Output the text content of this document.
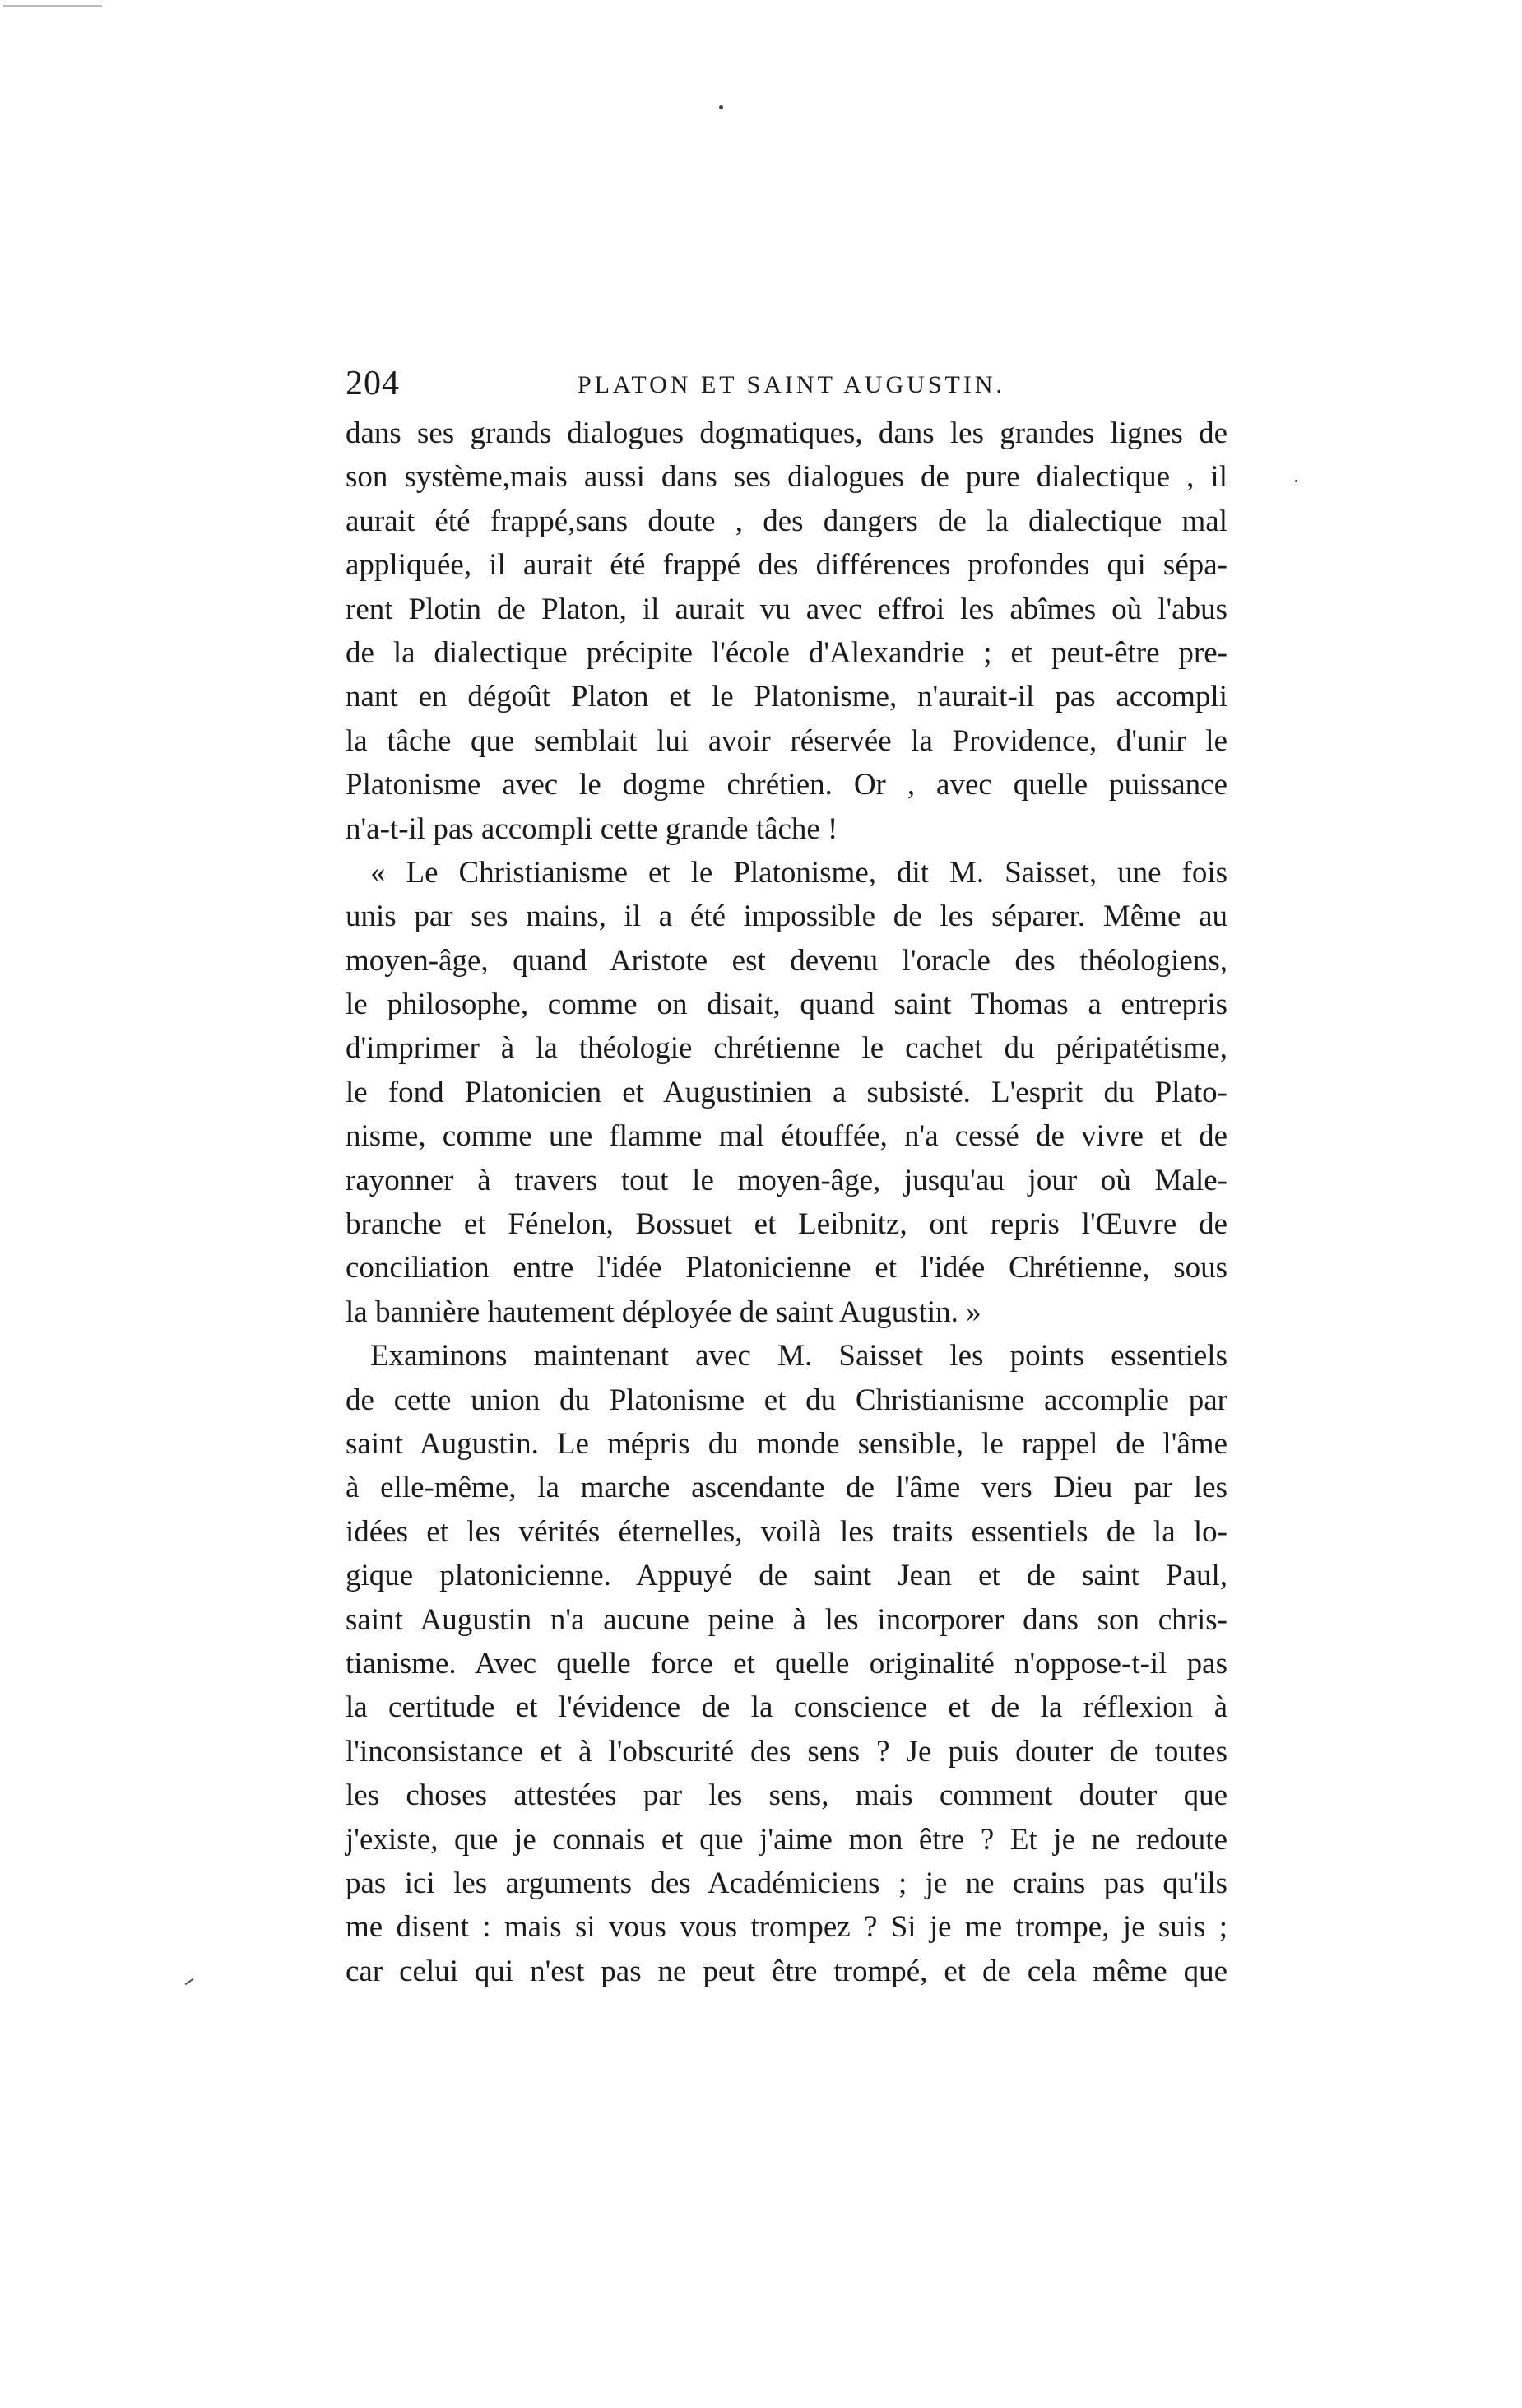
204	PLATON ET SAINT AUGUSTIN.
dans ses grands dialogues dogmatiques, dans les grandes lignes de
son système,mais aussi dans ses dialogues de pure dialectique , il
aurait été frappé,sans doute , des dangers de la dialectique mal
appliquée, il aurait été frappé des différences profondes qui sépa-
rent Plotin de Platon, il aurait vu avec effroi les abîmes où l'abus
de la dialectique précipite l'école d'Alexandrie ; et peut-être pre-
nant en dégoût Platon et le Platonisme, n'aurait-il pas accompli
la tâche que semblait lui avoir réservée la Providence, d'unir le
Platonisme avec le dogme chrétien. Or , avec quelle puissance
n'a-t-il pas accompli cette grande tâche !
« Le Christianisme et le Platonisme, dit M. Saisset, une fois
unis par ses mains, il a été impossible de les séparer. Même au
moyen-âge, quand Aristote est devenu l'oracle des théologiens,
le philosophe, comme on disait, quand saint Thomas a entrepris
d'imprimer à la théologie chrétienne le cachet du péripatétisme,
le fond Platonicien et Augustinien a subsisté. L'esprit du Plato-
nisme, comme une flamme mal étouffée, n'a cessé de vivre et de
rayonner à travers tout le moyen-âge, jusqu'au jour où Male-
branche et Fénelon, Bossuet et Leibnitz, ont repris l'Œuvre de
conciliation entre l'idée Platonicienne et l'idée Chrétienne, sous
la bannière hautement déployée de saint Augustin. »
Examinons maintenant avec M. Saisset les points essentiels
de cette union du Platonisme et du Christianisme accomplie par
saint Augustin. Le mépris du monde sensible, le rappel de l'âme
à elle-même, la marche ascendante de l'âme vers Dieu par les
idées et les vérités éternelles, voilà les traits essentiels de la lo-
gique platonicienne. Appuyé de saint Jean et de saint Paul,
saint Augustin n'a aucune peine à les incorporer dans son chris-
tianisme. Avec quelle force et quelle originalité n'oppose-t-il pas
la certitude et l'évidence de la conscience et de la réflexion à
l'inconsistance et à l'obscurité des sens ? Je puis douter de toutes
les choses attestées par les sens, mais comment douter que
j'existe, que je connais et que j'aime mon être ? Et je ne redoute
pas ici les arguments des Académiciens ; je ne crains pas qu'ils
me disent : mais si vous vous trompez ? Si je me trompe, je suis ;
car celui qui n'est pas ne peut être trompé, et de cela même que
